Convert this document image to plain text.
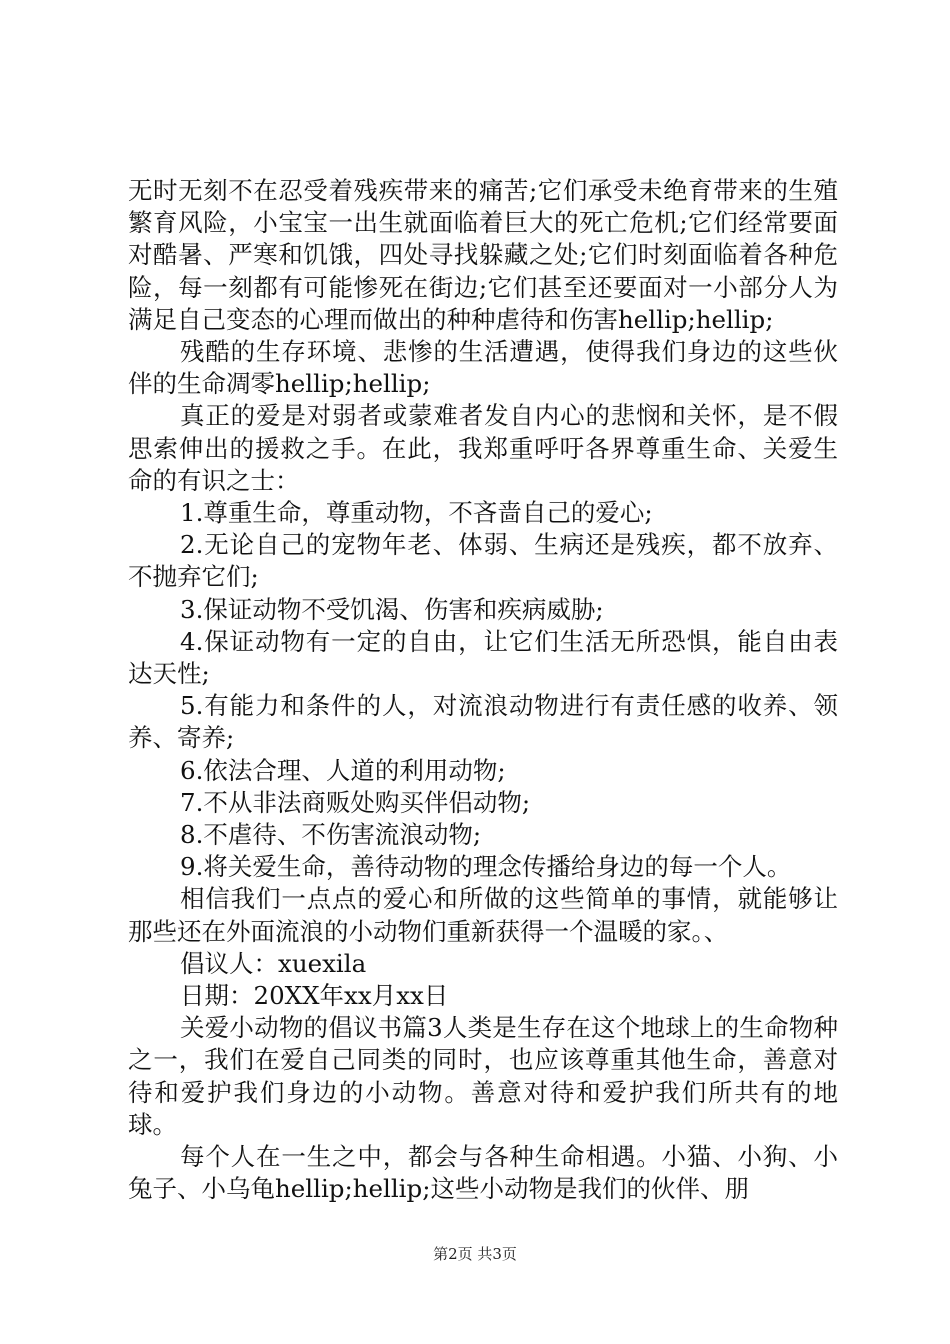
无时无刻不在忍受着残疾带来的痛苦;它们承受未绝育带来的生殖繁育风险，小宝宝一出生就面临着巨大的死亡危机;它们经常要面对酷暑、严寒和饥饿，四处寻找躲藏之处;它们时刻面临着各种危险，每一刻都有可能惨死在街边;它们甚至还要面对一小部分人为满足自己变态的心理而做出的种种虐待和伤害hellip;hellip;

残酷的生存环境、悲惨的生活遭遇，使得我们身边的这些伙伴的生命凋零hellip;hellip;

真正的爱是对弱者或蒙难者发自内心的悲悯和关怀，是不假思索伸出的援救之手。在此，我郑重呼吁各界尊重生命、关爱生命的有识之士：

1.尊重生命，尊重动物，不吝啬自己的爱心;

2.无论自己的宠物年老、体弱、生病还是残疾，都不放弃、不抛弃它们;

3.保证动物不受饥渴、伤害和疾病威胁;

4.保证动物有一定的自由，让它们生活无所恐惧，能自由表达天性;

5.有能力和条件的人，对流浪动物进行有责任感的收养、领养、寄养;

6.依法合理、人道的利用动物;

7.不从非法商贩处购买伴侣动物;

8.不虐待、不伤害流浪动物;

9.将关爱生命，善待动物的理念传播给身边的每一个人。

相信我们一点点的爱心和所做的这些简单的事情，就能够让那些还在外面流浪的小动物们重新获得一个温暖的家。、

倡议人：xuexila

日期：20XX年xx月xx日

关爱小动物的倡议书篇3人类是生存在这个地球上的生命物种之一，我们在爱自己同类的同时，也应该尊重其他生命，善意对待和爱护我们身边的小动物。善意对待和爱护我们所共有的地球。

每个人在一生之中，都会与各种生命相遇。小猫、小狗、小兔子、小乌龟hellip;hellip;这些小动物是我们的伙伴、朋

第2页 共3页
